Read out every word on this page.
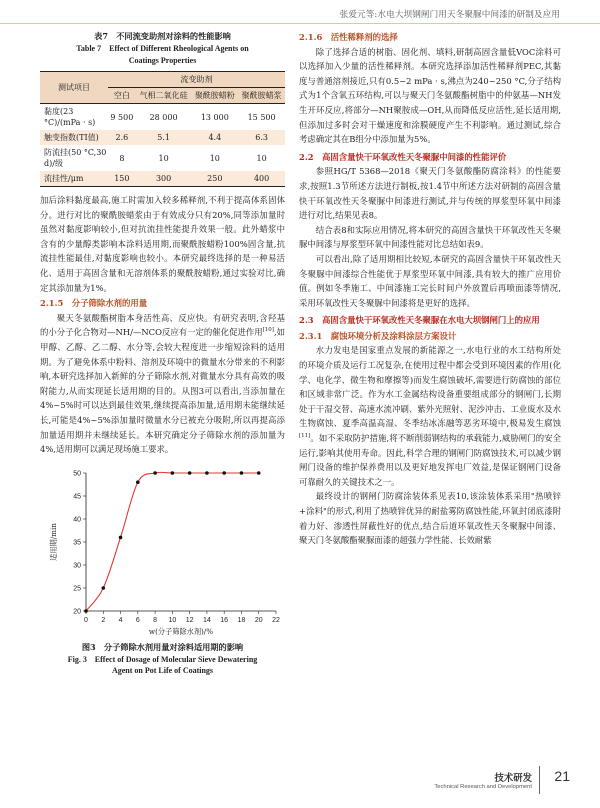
张爱元等:水电大坝钢闸门用天冬聚脲中间漆的研制及应用
表7　不同流变助剂对涂料的性能影响
Table 7　Effect of Different Rheological Agents on
Coatings Properties
测试项目	流变助剂			
	空白	气相二氧化硅	聚酰胺蜡粉	聚酰胺蜡浆
黏度(23 °C)/(mPa · s)	9 500	28 000	13 000	15 500
触变指数(TI值)	2.6	5.1	4.4	6.3
防流挂(50 °C,30 d)/级	8	10	10	10
流挂性/μm	150	300	250	400

加后涂料黏度最高,施工时需加入较多稀释剂,不利于提高体系固体分。进行对比的聚酰胺蜡浆由于有效成分只有20%,同等添加量时虽然对黏度影响较小,但对抗流挂性能提升效果一般。此外蜡浆中含有的少量醇类影响本涂料适用期,而聚酰胺蜡粉100%固含量,抗流挂性能最佳,对黏度影响也较小。本研究最终选择的是一种易活化、适用于高固含量和无溶剂体系的聚酰胺蜡粉,通过实验对比,确定其添加量为1%。

2.1.5　分子筛除水剂的用量

聚天冬氨酸酯树脂本身活性高、反应快。有研究表明,含羟基的小分子化合物对—NH/—NCO反应有一定的催化促进作用[10],如甲醇、乙醇、乙二醇、水分等,会较大程度进一步缩短涂料的适用期。为了避免体系中粉料、溶剂及环境中的微量水分带来的不利影响,本研究选择加入新鲜的分子筛除水剂,对微量水分具有高效的吸附能力,从而实现延长适用期的目的。从图3可以看出,当添加量在4%~5%时可以达到最佳效果,继续提高添加量,适用期未能继续延长,可能是4%~5%添加量时微量水分已被充分吸附,所以再提高添加量适用期并未继续延长。本研究确定分子筛除水剂的添加量为4%,适用期可以满足现场施工要求。

0 2 4 6 8 10 12 14 16 18 20 22
20
25
30
35
40
45
50
w(分子筛除水剂)/%
适用期/min
图3　分子筛除水剂用量对涂料适用期的影响
Fig. 3　Effect of Dosage of Molecular Sieve Dewatering
Agent on Pot Life of Coatings
2.1.6　活性稀释剂的选择

除了选择合适的树脂、固化剂、填料,研制高固含量低VOC涂料可以选择加入少量的活性稀释剂。本研究选择添加活性稀释剂PEC,其黏度与普通溶剂接近,只有0.5~2 mPa · s,沸点为240~250 °C,分子结构式为1个含氧五环结构,可以与聚天门冬氨酸酯树脂中的仲氨基—NH发生开环反应,将部分—NH聚胺成—OH,从而降低反应活性,延长适用期,但添加过多时会对干燥速度和涂膜硬度产生不利影响。通过测试,综合考虑确定其在B组分中添加量为5%。

2.2　高固含量快干环氧改性天冬聚脲中间漆的性能评价

参照HG/T 5368—2018《聚天门冬氨酸酯防腐涂料》的性能要求,按照1.3节所述方法进行制板,按1.4节中所述方法对研制的高固含量快干环氧改性天冬聚脲中间漆进行测试,并与传统的厚浆型环氧中间漆进行对比,结果见表8。

结合表8和实际应用情况,将本研究的高固含量快干环氧改性天冬聚脲中间漆与厚浆型环氧中间漆性能对比总结如表9。

可以看出,除了适用期相比较短,本研究的高固含量快干环氧改性天冬聚脲中间漆综合性能优于厚浆型环氧中间漆,具有较大的推广应用价值。例如冬季施工、中间漆施工完长时间户外放置后再喷面漆等情况,采用环氧改性天冬聚脲中间漆将是更好的选择。

2.3　高固含量快干环氧改性天冬聚脲在水电大坝钢闸门上的应用
2.3.1　腐蚀环境分析及涂料涂层方案设计

水力发电是国家重点发展的新能源之一,水电行业的水工结构所处的环境介质及运行工况复杂,在使用过程中都会受到环境因素的作用(化学、电化学、微生物和摩擦等)而发生腐蚀破坏,需要进行防腐蚀的部位和区域非常广泛。作为水工金属结构设备重要组成部分的钢闸门,长期处于干湿交替、高速水流冲刷、紫外光照射、泥沙冲击、工业废水及水生物腐蚀、夏季高温高湿、冬季结冰冻融等恶劣环境中,极易发生腐蚀[11]。如不采取防护措施,将不断削弱钢结构的承载能力,威胁闸门的安全运行,影响其使用寿命。因此,科学合理的钢闸门防腐蚀技术,可以减少钢闸门设备的维护保养费用以及更好地发挥电厂效益,是保证钢闸门设备可靠耐久的关键技术之一。

最终设计的钢闸门防腐涂装体系见表10,该涂装体系采用"热喷锌+涂料"的形式,利用了热喷锌优异的耐盐雾防腐蚀性能,环氧封闭底漆附着力好、渗透性屏蔽性好的优点,结合后道环氧改性天冬聚脲中间漆、聚天门冬氨酸酯聚脲面漆的超强力学性能、长效耐紫

技术研发
Technical Research and Development
21
